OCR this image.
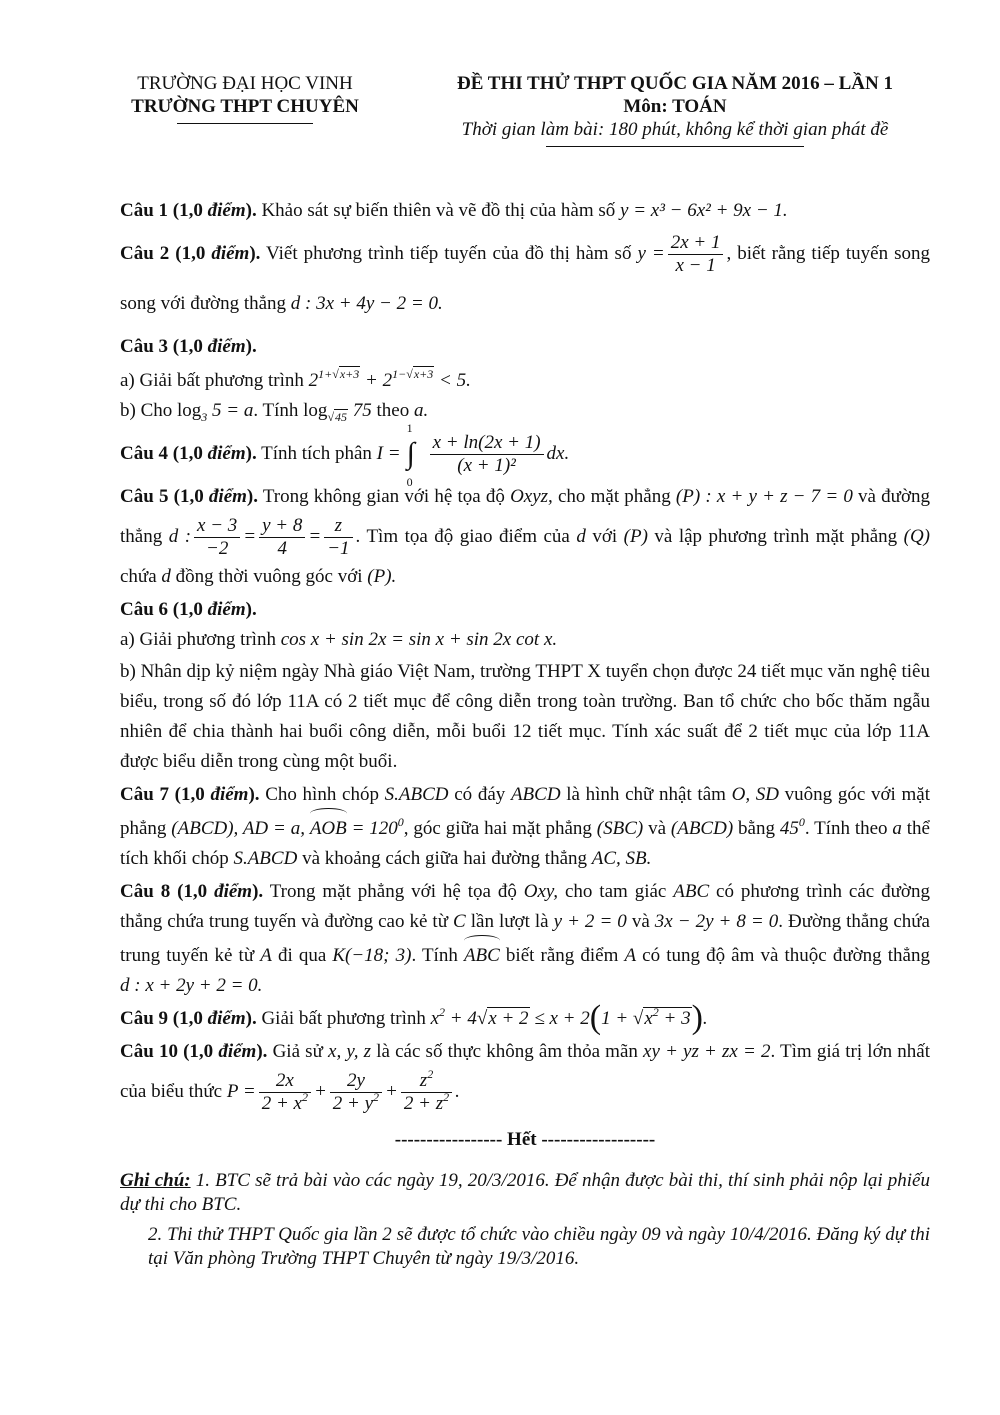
TRƯỜNG ĐẠI HỌC VINH
TRƯỜNG THPT CHUYÊN
ĐỀ THI THỬ THPT QUỐC GIA NĂM 2016 – LẦN 1
Môn: TOÁN
Thời gian làm bài: 180 phút, không kể thời gian phát đề

Câu 1 (1,0 điểm). Khảo sát sự biến thiên và vẽ đồ thị của hàm số y = x³ − 6x² + 9x − 1.

Câu 2 (1,0 điểm). Viết phương trình tiếp tuyến của đồ thị hàm số $y = \frac{2x + 1}{x - 1}$ , biết rằng tiếp tuyến song song với đường thẳng d : 3x + 4y − 2 = 0.

Câu 3 (1,0 điểm).

a) Giải bất phương trình $2^{1+√x+3} + 2^{1-√x+3} < 5$.

b) Cho $\log_3 5 = a$. Tính $\log_{√45} 75$ theo a.

Câu 4 (1,0 điểm). Tính tích phân I =
1
∫
0
$\frac{x + \ln(2x + 1)}{\text{(x + 1)²}}$ dx.

Câu 5 (1,0 điểm). Trong không gian với hệ tọa độ Oxyz, cho mặt phẳng (P) : x + y + z − 7 = 0 và đường thẳng d : $\frac{x - 3}{-2} = \frac{y + 8}{4} = \frac{z}{-1}$ . Tìm tọa độ giao điểm của d với (P) và lập phương trình mặt phẳng (Q) chứa d đồng thời vuông góc với (P).

Câu 6 (1,0 điểm).

a) Giải phương trình cos x + sin 2x = sin x + sin 2x cot x.

b) Nhân dịp kỷ niệm ngày Nhà giáo Việt Nam, trường THPT X tuyển chọn được 24 tiết mục văn nghệ tiêu biểu, trong số đó lớp 11A có 2 tiết mục để công diễn trong toàn trường. Ban tổ chức cho bốc thăm ngẫu nhiên để chia thành hai buổi công diễn, mỗi buổi 12 tiết mục. Tính xác suất để 2 tiết mục của lớp 11A được biểu diễn trong cùng một buổi.

Câu 7 (1,0 điểm). Cho hình chóp S.ABCD có đáy ABCD là hình chữ nhật tâm O, SD vuông góc với mặt phẳng (ABCD), AD = a, AOB = $120^0$, góc giữa hai mặt phẳng (SBC) và (ABCD) bằng $45^0$. Tính theo a thể tích khối chóp S.ABCD và khoảng cách giữa hai đường thẳng AC, SB.

Câu 8 (1,0 điểm). Trong mặt phẳng với hệ tọa độ Oxy, cho tam giác ABC có phương trình các đường thẳng chứa trung tuyến và đường cao kẻ từ C lần lượt là y + 2 = 0 và 3x − 2y + 8 = 0. Đường thẳng chứa trung tuyến kẻ từ A đi qua K(−18; 3). Tính ABC biết rằng điểm A có tung độ âm và thuộc đường thẳng d : x + 2y + 2 = 0.

Câu 9 (1,0 điểm). Giải bất phương trình $x^2 + 4√x + 2 \le x + 2(1 + √x^2 + 3)$.

Câu 10 (1,0 điểm). Giả sử x, y, z là các số thực không âm thỏa mãn xy + yz + zx = 2. Tìm giá trị lớn nhất của biểu thức $P = \frac{2x}{2 + x^2} + \frac{2y}{2 + y^2} + \frac{z^2}{2 + z^2}$ .

----------------- Hết ------------------

Ghi chú: 1. BTC sẽ trả bài vào các ngày 19, 20/3/2016. Để nhận được bài thi, thí sinh phải nộp lại phiếu dự thi cho BTC.

2. Thi thử THPT Quốc gia lần 2 sẽ được tổ chức vào chiều ngày 09 và ngày 10/4/2016. Đăng ký dự thi tại Văn phòng Trường THPT Chuyên từ ngày 19/3/2016.
